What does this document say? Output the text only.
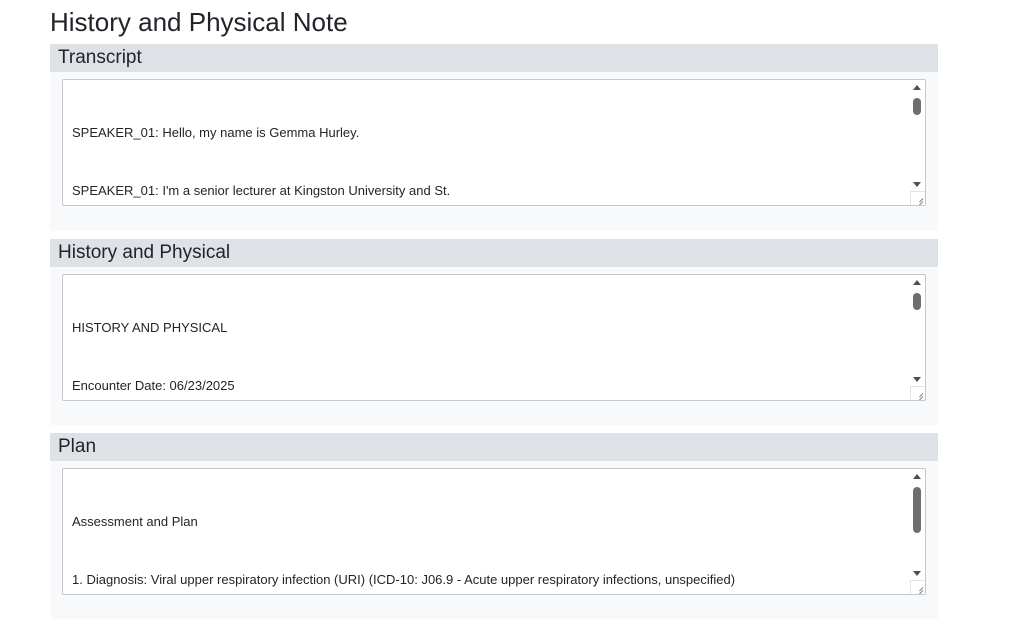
History and Physical Note
Transcript

SPEAKER_01: Hello, my name is Gemma Hurley.

SPEAKER_01: I'm a senior lecturer at Kingston University and St.

History and Physical

HISTORY AND PHYSICAL

Encounter Date: 06/23/2025

Plan

Assessment and Plan

1. Diagnosis: Viral upper respiratory infection (URI) (ICD-10: J06.9 - Acute upper respiratory infections, unspecified)
